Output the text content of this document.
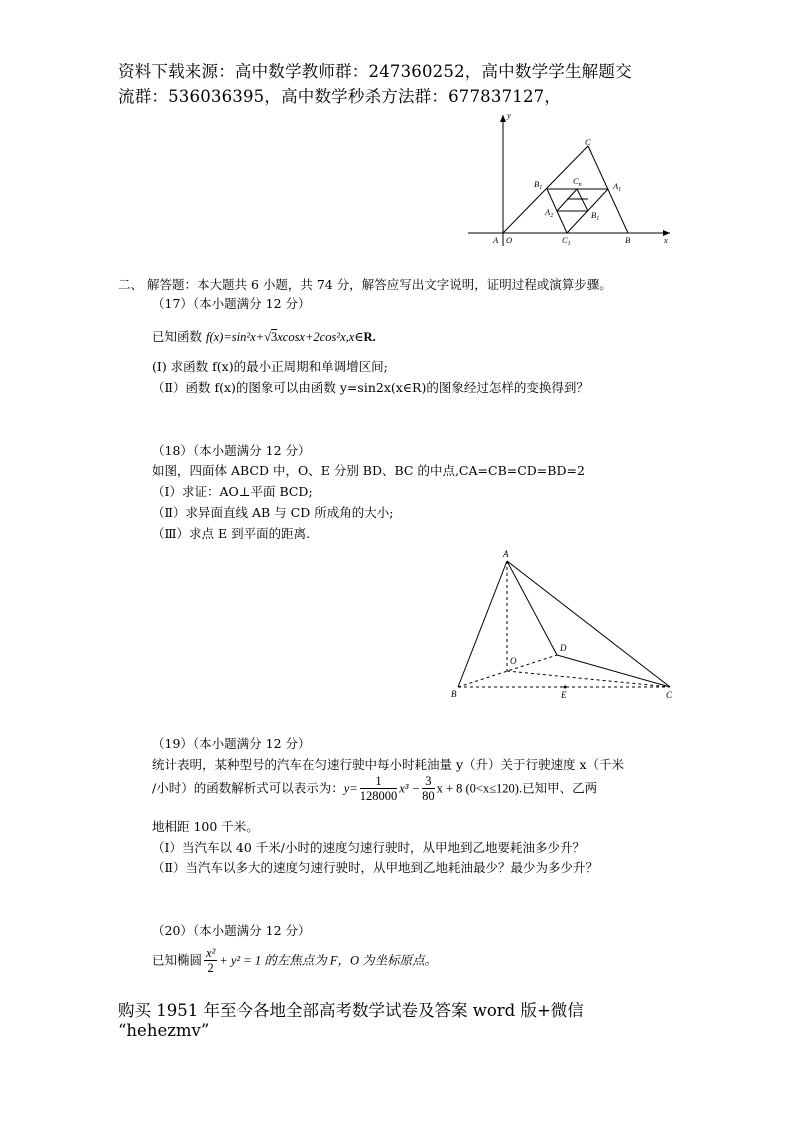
资料下载来源：高中数学教师群：247360252，高中数学学生解题交
流群：536036395，高中数学秒杀方法群：677837127，
y
x
C
$B_1$
$C_n$	$A_1$
$A_2$	$B_1$
A O	$C_1$	B
二、 解答题：本大题共 6 小题，共 74 分，解答应写出文字说明，证明过程或演算步骤。
（17）（本小题满分 12 分）
已知函数 f(x)=sin²x+√3xcosx+2cos²x,x∈R.
(Ⅰ) 求函数 f(x)的最小正周期和单调增区间;
（Ⅱ）函数 f(x)的图象可以由函数 y=sin2x(x∈R)的图象经过怎样的变换得到？
（18）（本小题满分 12 分）
如图，四面体 ABCD 中，O、E 分别 BD、BC 的中点,CA=CB=CD=BD=2
（Ⅰ）求证：AO⊥平面 BCD;
（Ⅱ）求异面直线 AB 与 CD 所成角的大小;
（Ⅲ）求点 E 到平面的距离.
A
O
D
B	E	C
（19）（本小题满分 12 分）
统计表明，某种型号的汽车在匀速行驶中每小时耗油量 y（升）关于行驶速度 x（千米
/小时）的函数解析式可以表示为：$y= \frac{1}{128000} x^3 - \frac{3}{80}$ x + 8 (0<x≤120).已知甲、乙两
地相距 100 千米。
（Ⅰ）当汽车以 40 千米/小时的速度匀速行驶时，从甲地到乙地要耗油多少升？
（Ⅱ）当汽车以多大的速度匀速行驶时，从甲地到乙地耗油最少？最少为多少升？
（20）（本小题满分 12 分）
已知椭圆 $\frac{\text{x²}}{2} + y^2 = 1$ 的左焦点为 F，O 为坐标原点。
购买 1951 年至今各地全部高考数学试卷及答案 word 版+微信
“hehezmv”
